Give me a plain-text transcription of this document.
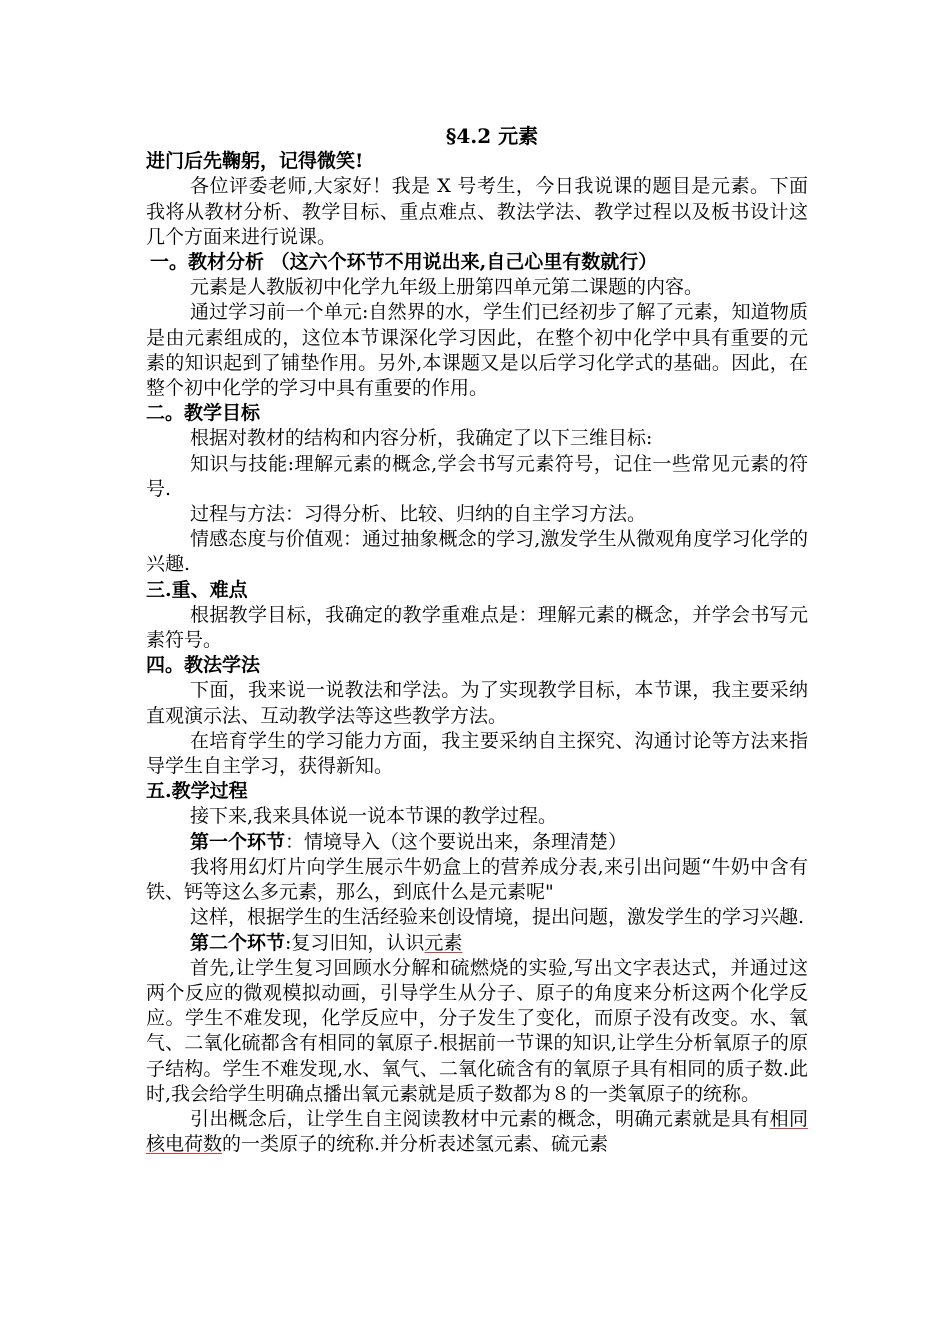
§4.2 元素

进门后先鞠躬，记得微笑!

各位评委老师,大家好！我是 X 号考生，今日我说课的题目是元素。下面我将从教材分析、教学目标、重点难点、教法学法、教学过程以及板书设计这几个方面来进行说课。

一。教材分析 （这六个环节不用说出来,自己心里有数就行）

元素是人教版初中化学九年级上册第四单元第二课题的内容。

通过学习前一个单元:自然界的水，学生们已经初步了解了元素，知道物质是由元素组成的，这位本节课深化学习因此，在整个初中化学中具有重要的元素的知识起到了铺垫作用。另外,本课题又是以后学习化学式的基础。因此，在整个初中化学的学习中具有重要的作用。

二。教学目标

根据对教材的结构和内容分析，我确定了以下三维目标:

知识与技能:理解元素的概念,学会书写元素符号，记住一些常见元素的符号.

过程与方法：习得分析、比较、归纳的自主学习方法。

情感态度与价值观：通过抽象概念的学习,激发学生从微观角度学习化学的兴趣.

三.重、难点

根据教学目标，我确定的教学重难点是：理解元素的概念，并学会书写元素符号。

四。教法学法

下面，我来说一说教法和学法。为了实现教学目标，本节课，我主要采纳直观演示法、互动教学法等这些教学方法。

在培育学生的学习能力方面，我主要采纳自主探究、沟通讨论等方法来指导学生自主学习，获得新知。

五.教学过程

接下来,我来具体说一说本节课的教学过程。

第一个环节：情境导入（这个要说出来，条理清楚）

我将用幻灯片向学生展示牛奶盒上的营养成分表,来引出问题“牛奶中含有铁、钙等这么多元素，那么，到底什么是元素呢"

这样，根据学生的生活经验来创设情境，提出问题，激发学生的学习兴趣.

第二个环节:复习旧知，认识元素

首先,让学生复习回顾水分解和硫燃烧的实验,写出文字表达式，并通过这两个反应的微观模拟动画，引导学生从分子、原子的角度来分析这两个化学反应。学生不难发现，化学反应中，分子发生了变化，而原子没有改变。水、氧气、二氧化硫都含有相同的氧原子.根据前一节课的知识,让学生分析氧原子的原子结构。学生不难发现,水、氧气、二氧化硫含有的氧原子具有相同的质子数.此时,我会给学生明确点播出氧元素就是质子数都为８的一类氧原子的统称。

引出概念后，让学生自主阅读教材中元素的概念，明确元素就是具有相同核电荷数的一类原子的统称.并分析表述氢元素、硫元素
